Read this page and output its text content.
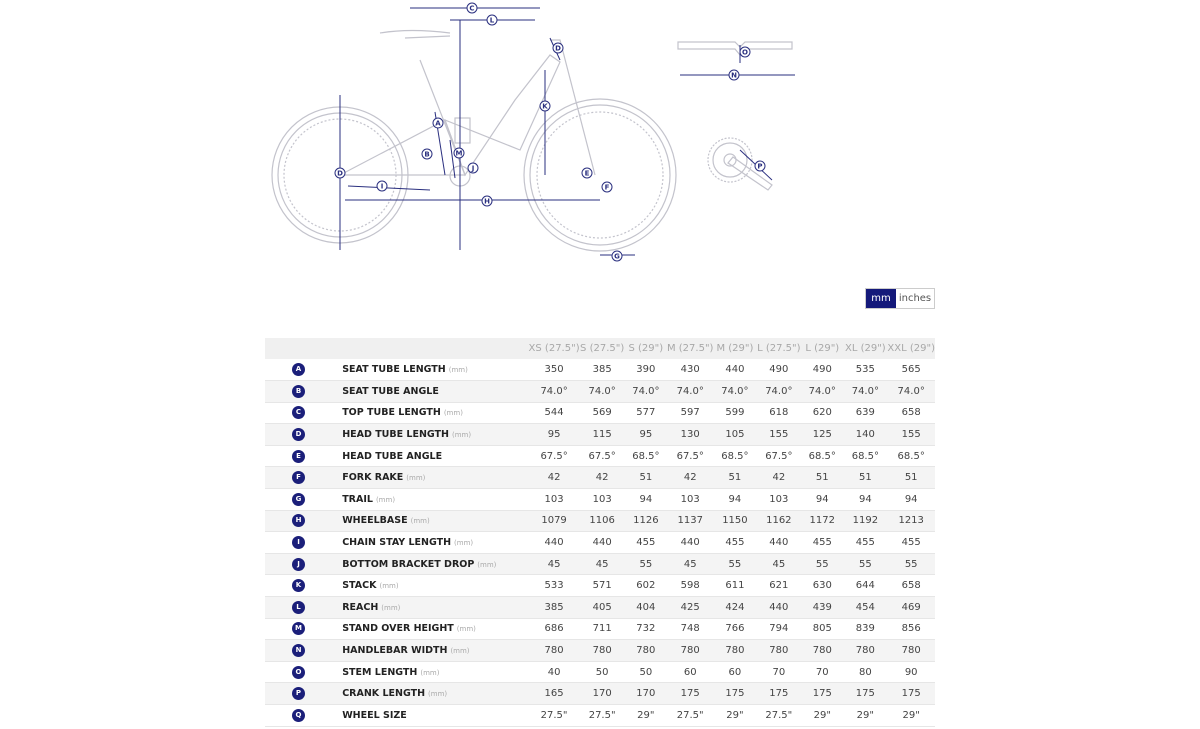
C
L
D
A
B	M
J
K
D
I
H
E
F
G
O
N
P
mm inches
		XS (27.5")	S (27.5")	S (29")	M (27.5")	M (29")	L (27.5")	L (29")	XL (29")	XXL (29")
A	SEAT TUBE LENGTH (mm)	350	385	390	430	440	490	490	535	565
B	SEAT TUBE ANGLE	74.0°	74.0°	74.0°	74.0°	74.0°	74.0°	74.0°	74.0°	74.0°
C	TOP TUBE LENGTH (mm)	544	569	577	597	599	618	620	639	658
D	HEAD TUBE LENGTH (mm)	95	115	95	130	105	155	125	140	155
E	HEAD TUBE ANGLE	67.5°	67.5°	68.5°	67.5°	68.5°	67.5°	68.5°	68.5°	68.5°
F	FORK RAKE (mm)	42	42	51	42	51	42	51	51	51
G	TRAIL (mm)	103	103	94	103	94	103	94	94	94
H	WHEELBASE (mm)	1079	1106	1126	1137	1150	1162	1172	1192	1213
I	CHAIN STAY LENGTH (mm)	440	440	455	440	455	440	455	455	455
J	BOTTOM BRACKET DROP (mm)	45	45	55	45	55	45	55	55	55
K	STACK (mm)	533	571	602	598	611	621	630	644	658
L	REACH (mm)	385	405	404	425	424	440	439	454	469
M	STAND OVER HEIGHT (mm)	686	711	732	748	766	794	805	839	856
N	HANDLEBAR WIDTH (mm)	780	780	780	780	780	780	780	780	780
O	STEM LENGTH (mm)	40	50	50	60	60	70	70	80	90
P	CRANK LENGTH (mm)	165	170	170	175	175	175	175	175	175
Q	WHEEL SIZE	27.5"	27.5"	29"	27.5"	29"	27.5"	29"	29"	29"
